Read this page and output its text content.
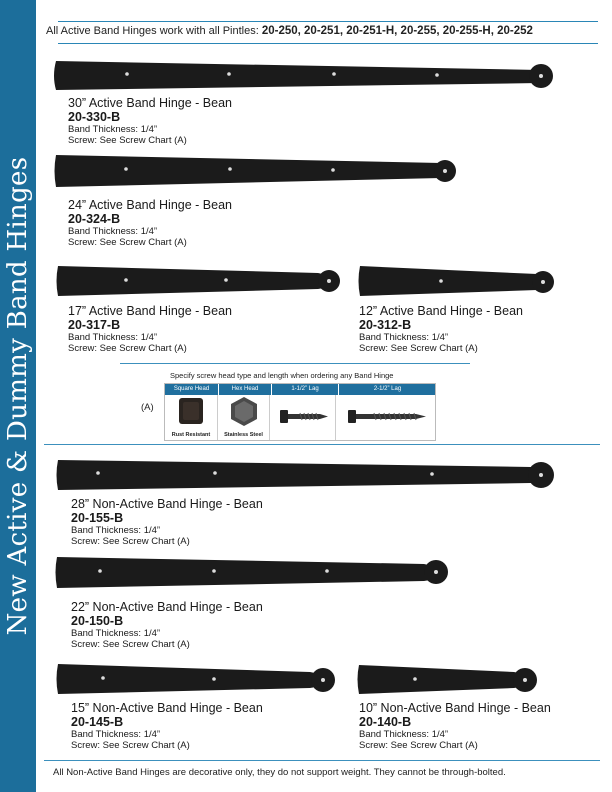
New Active & Dummy Band Hinges
All Active Band Hinges work with all Pintles: 20-250, 20-251, 20-251-H, 20-255, 20-255-H, 20-252
30” Active Band Hinge - Bean
20-330-B
Band Thickness: 1/4”
Screw: See Screw Chart (A)
24” Active Band Hinge - Bean
20-324-B
Band Thickness: 1/4”
Screw: See Screw Chart (A)
17” Active Band Hinge - Bean
20-317-B
Band Thickness: 1/4”
Screw: See Screw Chart (A)
12” Active Band Hinge - Bean
20-312-B
Band Thickness: 1/4”
Screw: See Screw Chart (A)
Specify screw head type and length when ordering any Band Hinge
(A)
Square Head	Hex Head	1-1/2” Lag	2-1/2” Lag
Rust Resistant	Stainless Steel
28” Non-Active Band Hinge - Bean
20-155-B
Band Thickness: 1/4”
Screw: See Screw Chart (A)
22” Non-Active Band Hinge - Bean
20-150-B
Band Thickness: 1/4”
Screw: See Screw Chart (A)
15” Non-Active Band Hinge - Bean
20-145-B
Band Thickness: 1/4”
Screw: See Screw Chart (A)
10” Non-Active Band Hinge - Bean
20-140-B
Band Thickness: 1/4”
Screw: See Screw Chart (A)
All Non-Active Band Hinges are decorative only, they do not support weight. They cannot be through-bolted.
